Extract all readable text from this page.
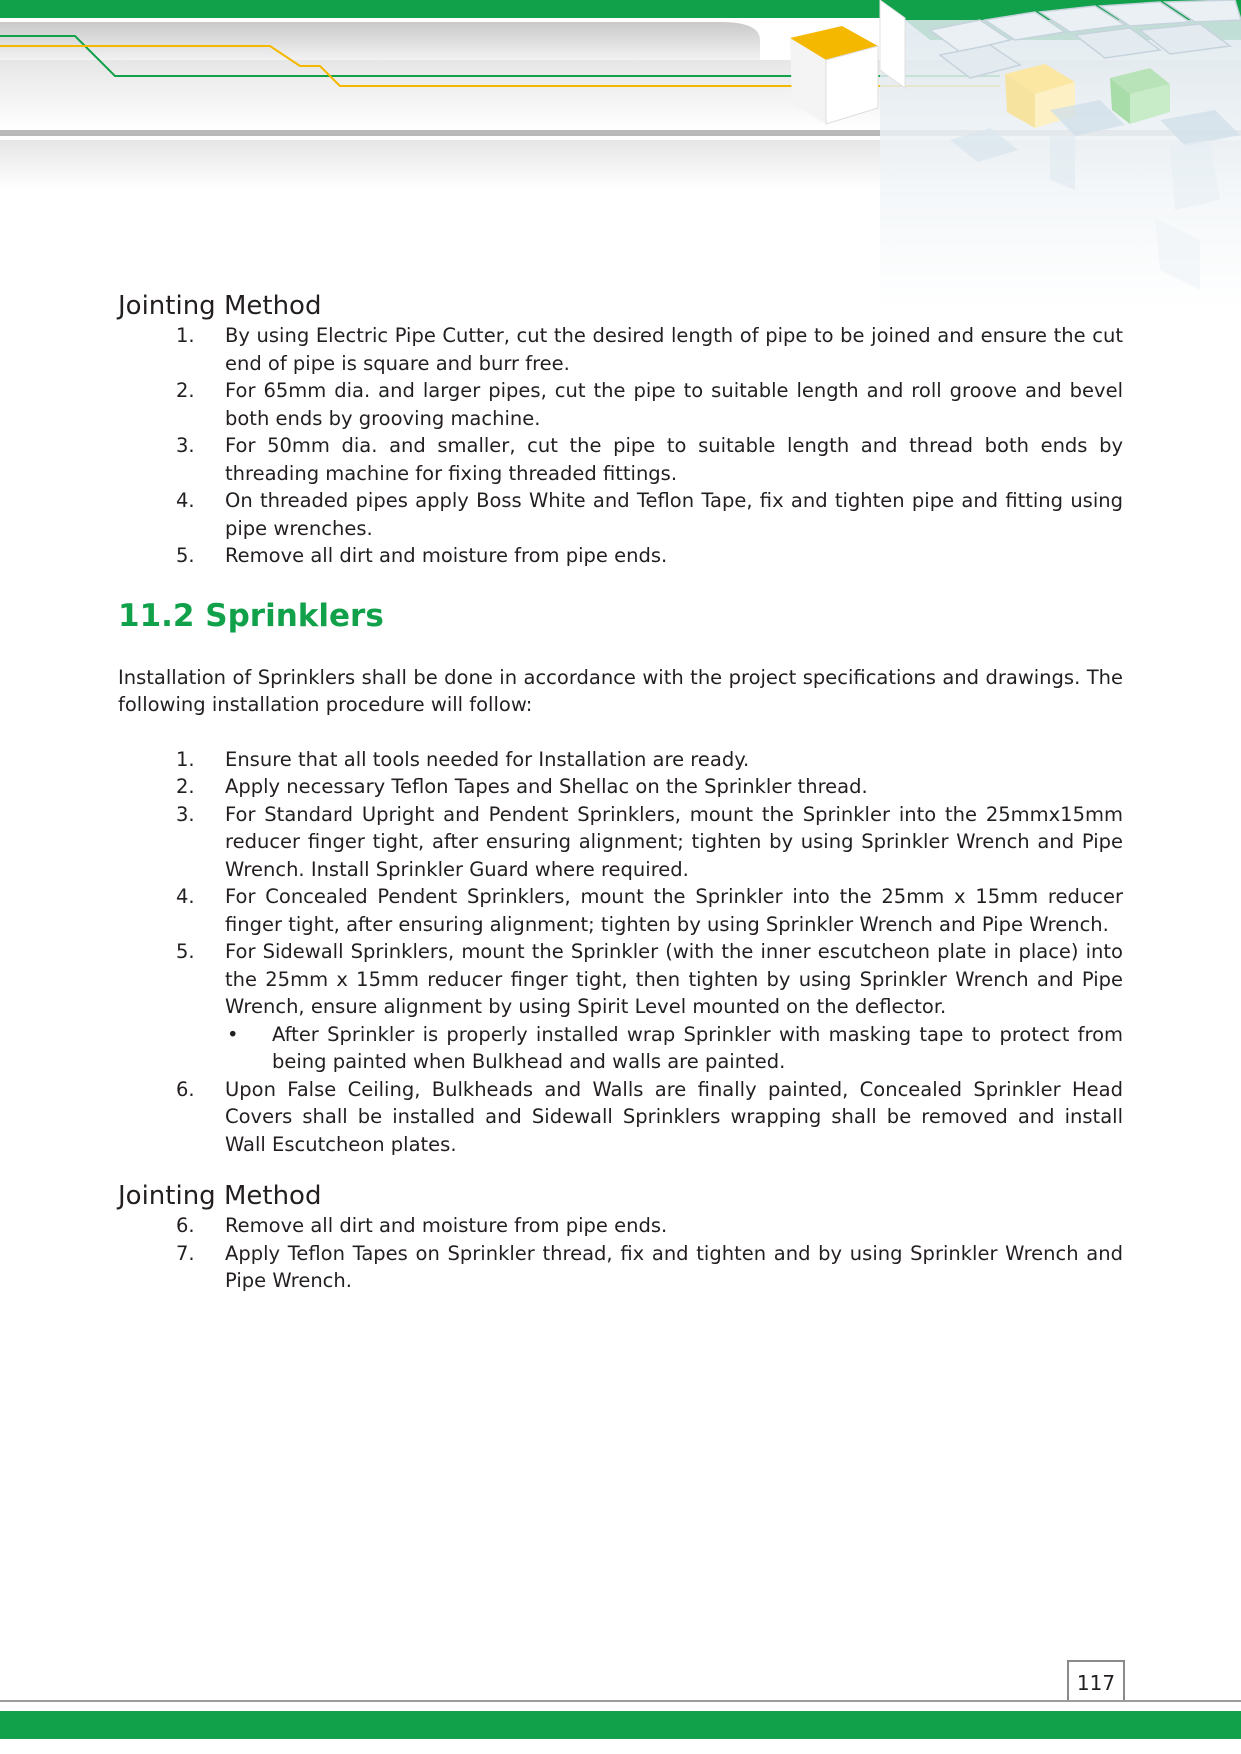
Jointing Method
1.	By using Electric Pipe Cutter, cut the desired length of pipe to be joined and ensure the cut end of pipe is square and burr free.
2.	For 65mm dia. and larger pipes, cut the pipe to suitable length and roll groove and bevel both ends by grooving machine.
3.	For 50mm dia. and smaller, cut the pipe to suitable length and thread both ends by threading machine for fixing threaded fittings.
4.	On threaded pipes apply Boss White and Teflon Tape, fix and tighten pipe and fitting using pipe wrenches.
5.	Remove all dirt and moisture from pipe ends.
11.2 Sprinklers

Installation of Sprinklers shall be done in accordance with the project specifications and drawings. The following installation procedure will follow:

1.	Ensure that all tools needed for Installation are ready.
2.	Apply necessary Teflon Tapes and Shellac on the Sprinkler thread.
3.	For Standard Upright and Pendent Sprinklers, mount the Sprinkler into the 25mmx15mm reducer finger tight, after ensuring alignment; tighten by using Sprinkler Wrench and Pipe Wrench. Install Sprinkler Guard where required.
4.	For Concealed Pendent Sprinklers, mount the Sprinkler into the 25mm x 15mm reducer finger tight, after ensuring alignment; tighten by using Sprinkler Wrench and Pipe Wrench.
5.	For Sidewall Sprinklers, mount the Sprinkler (with the inner escutcheon plate in place) into the 25mm x 15mm reducer finger tight, then tighten by using Sprinkler Wrench and Pipe Wrench, ensure alignment by using Spirit Level mounted on the deflector.
• After Sprinkler is properly installed wrap Sprinkler with masking tape to protect from being painted when Bulkhead and walls are painted.
6.	Upon False Ceiling, Bulkheads and Walls are finally painted, Concealed Sprinkler Head Covers shall be installed and Sidewall Sprinklers wrapping shall be removed and install Wall Escutcheon plates.
Jointing Method
6.	Remove all dirt and moisture from pipe ends.
7.	Apply Teflon Tapes on Sprinkler thread, fix and tighten and by using Sprinkler Wrench and Pipe Wrench.
117
